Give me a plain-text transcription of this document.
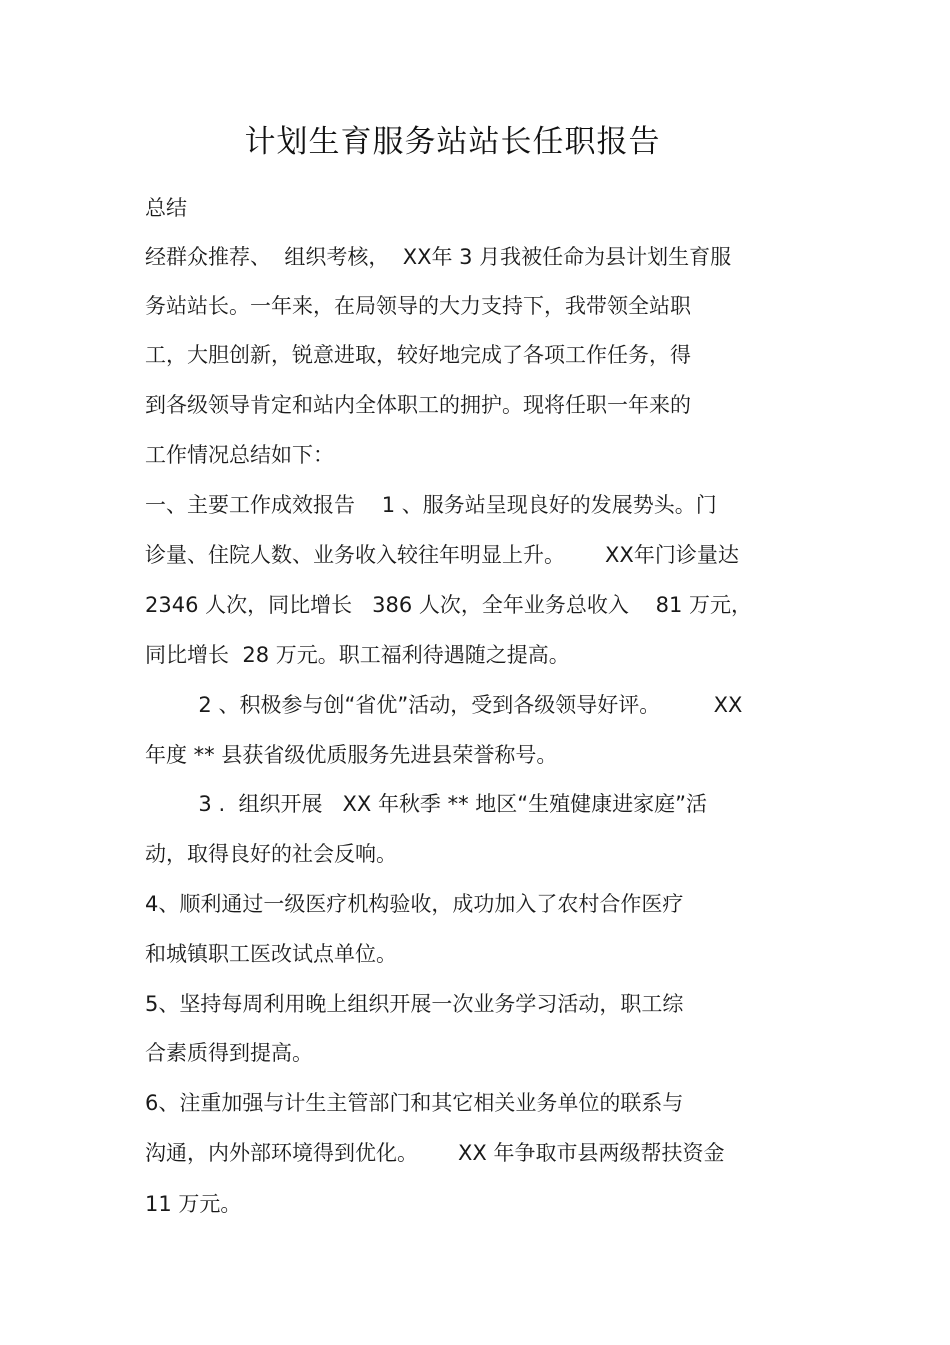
计划生育服务站站长任职报告
总结
经群众推荐、  组织考核，  XX年 3 月我被任命为县计划生育服
务站站长。一年来，在局领导的大力支持下，我带领全站职
工，大胆创新，锐意进取，较好地完成了各项工作任务，得
到各级领导肯定和站内全体职工的拥护。现将任职一年来的
工作情况总结如下：
一、主要工作成效报告    1 、服务站呈现良好的发展势头。门
诊量、住院人数、业务收入较往年明显上升。      XX年门诊量达
2346 人次，同比增长   386 人次，全年业务总收入    81 万元，
同比增长  28 万元。职工福利待遇随之提高。
2 、积极参与创“省优”活动，受到各级领导好评。        XX
年度 ** 县获省级优质服务先进县荣誉称号。
3 .  组织开展   XX 年秋季 ** 地区“生殖健康进家庭”活
动，取得良好的社会反响。
4、顺利通过一级医疗机构验收，成功加入了农村合作医疗
和城镇职工医改试点单位。
5、坚持每周利用晚上组织开展一次业务学习活动，职工综
合素质得到提高。
6、注重加强与计生主管部门和其它相关业务单位的联系与
沟通，内外部环境得到优化。      XX 年争取市县两级帮扶资金
11 万元。
